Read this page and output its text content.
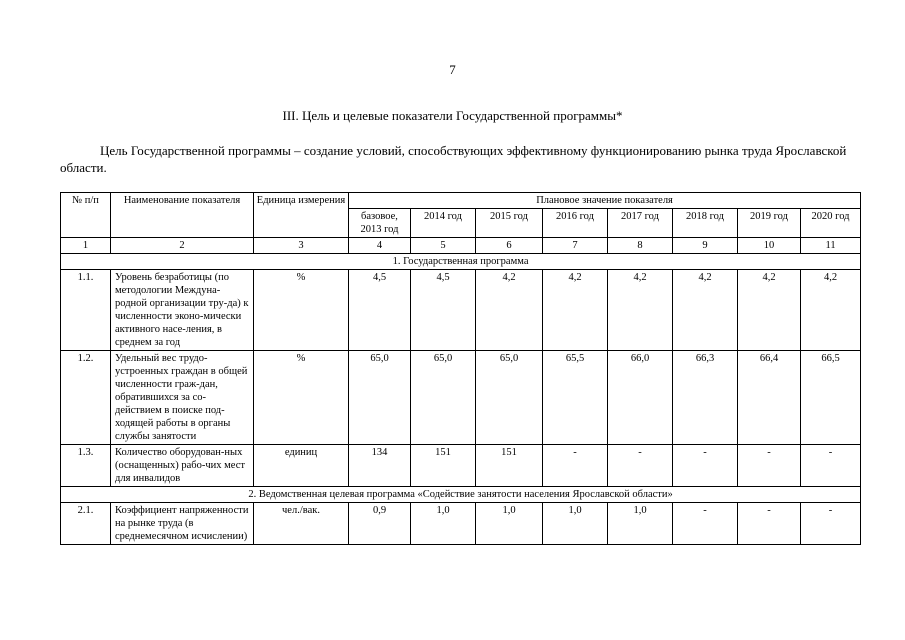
7
III. Цель и целевые показатели Государственной программы*
Цель Государственной программы – создание условий, способствующих эффективному функционированию рынка труда Ярославской области.
№ п/п	Наименование показателя	Единица измерения	Плановое значение показателя							
			базовое, 2013 год	2014 год	2015 год	2016 год	2017 год	2018 год	2019 год	2020 год
1	2	3	4	5	6	7	8	9	10	11
1. Государственная программа										
1.1.	Уровень безработицы (по методологии Междуна-родной организации тру-да) к численности эконо-мически активного насе-ления, в среднем за год	%	4,5	4,5	4,2	4,2	4,2	4,2	4,2	4,2
1.2.	Удельный вес трудо-устроенных граждан в общей численности граж-дан, обратившихся за со-действием в поиске под-ходящей работы в органы службы занятости	%	65,0	65,0	65,0	65,5	66,0	66,3	66,4	66,5
1.3.	Количество оборудован-ных (оснащенных) рабо-чих мест для инвалидов	единиц	134	151	151	-	-	-	-	-
2. Ведомственная целевая программа «Содействие занятости населения Ярославской области»										
2.1.	Коэффициент напряженности на рынке труда (в среднемесячном исчислении)	чел./вак.	0,9	1,0	1,0	1,0	1,0	-	-	-
